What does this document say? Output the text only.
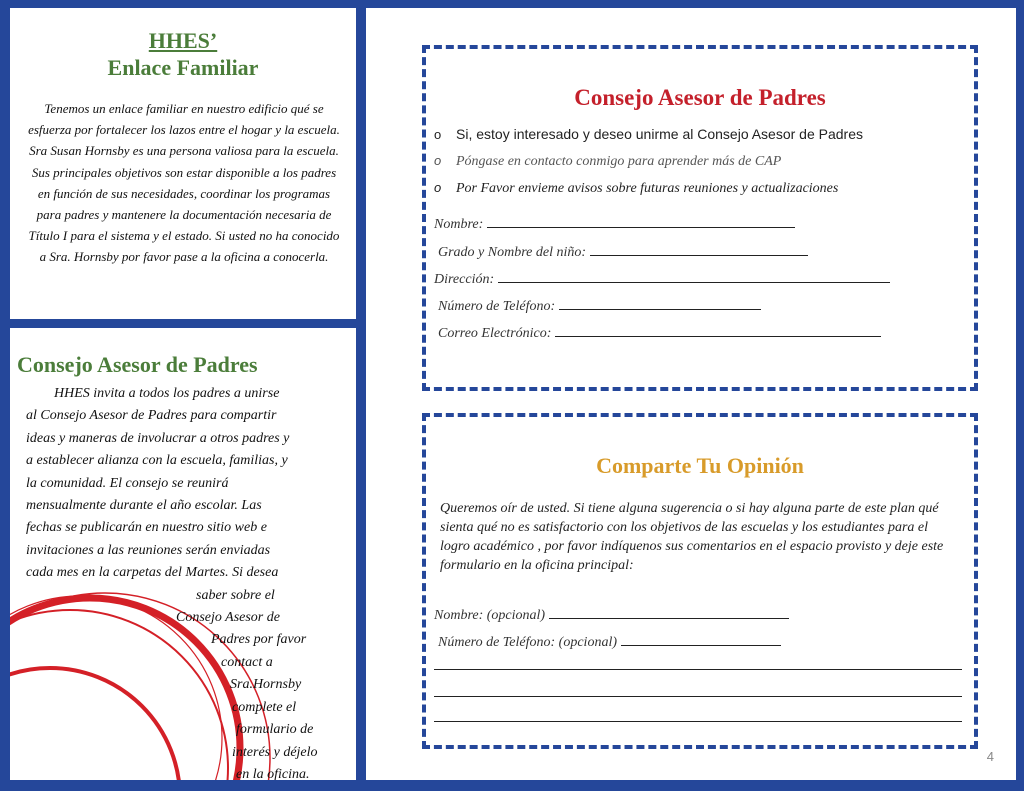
HHES’
Enlace Familiar
Tenemos un enlace familiar en nuestro edificio qué se esfuerza por fortalecer los lazos entre el hogar y la escuela. Sra Susan Hornsby es una persona valiosa para la escuela. Sus principales objetivos son estar disponible a los padres en función de sus necesidades, coordinar los programas para padres y mantenere la documentación necesaria de Título I para el sistema y el estado. Si usted no ha conocido a Sra. Hornsby por favor pase a la oficina a conocerla.
Consejo Asesor de Padres
HHES invita a todos los padres a unirse
al Consejo Asesor de Padres para compartir
ideas y maneras de involucrar a otros padres y
a establecer alianza con la escuela, familias, y
la comunidad. El consejo se reunirá
mensualmente durante el año escolar. Las
fechas se publicarán en nuestro sitio web e
invitaciones a las reuniones serán enviadas
cada mes en la carpetas del Martes. Si desea
saber sobre el
Consejo Asesor de
Padres por favor
contact a
Sra.Hornsby
complete el
formulario de
interés y déjelo
en la oficina.
Consejo Asesor de Padres
o Si, estoy interesado y deseo unirme al Consejo Asesor de Padres
o Póngase en contacto conmigo para aprender más de CAP
o Por Favor envieme avisos sobre futuras reuniones y actualizaciones
Nombre:
Grado y Nombre del niño:
Dirección:
Número de Teléfono:
Correo Electrónico:
Comparte Tu Opinión
Queremos oír de usted. Si tiene alguna sugerencia o si hay alguna parte de este plan qué sienta qué no es satisfactorio con los objetivos de las escuelas y los estudiantes para el logro académico , por favor indíquenos sus comentarios en el espacio provisto y deje este formulario en la oficina principal:
Nombre: (opcional)
Número de Teléfono: (opcional)
4
